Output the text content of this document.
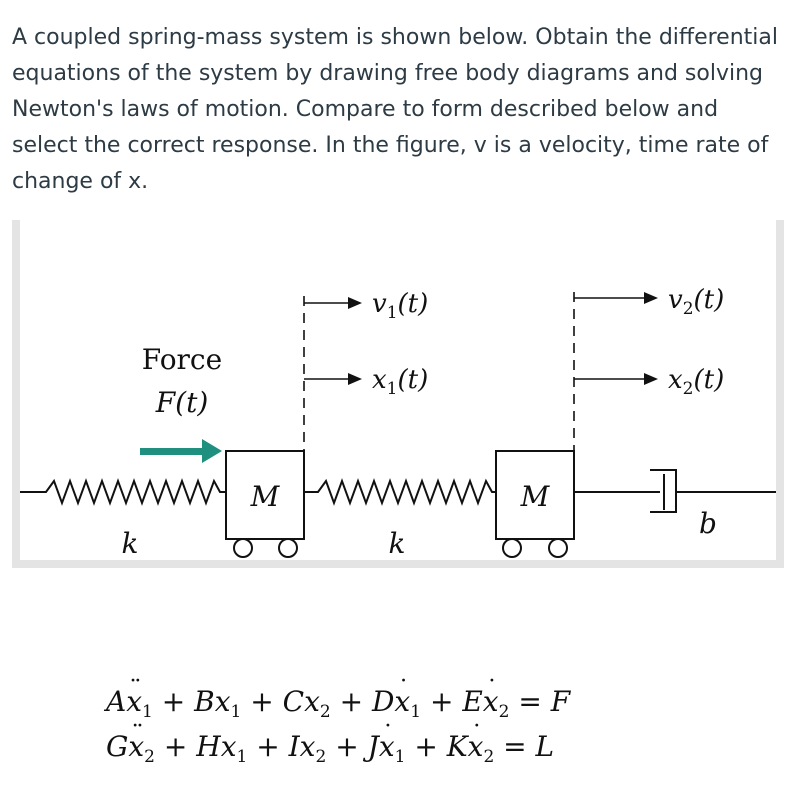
A coupled spring-mass system is shown below. Obtain the differential equations of the system by drawing free body diagrams and solving Newton's laws of motion. Compare to form described below and select the correct response. In the figure, v is a velocity, time rate of change of x.
Force
F(t)
M	M
k	k
b
$v_1(t)$
$x_1(t)$
$v_2(t)$
$x_2(t)$
Ax $¨_1 + Bx_1 + Cx_2 + Dx$ $˙_1 + Ex$ $˙_2 = F$
Gx $¨_2 + Hx_1 + Ix_2 + Jx$ $˙_1 + Kx$ $˙_2 = L$
